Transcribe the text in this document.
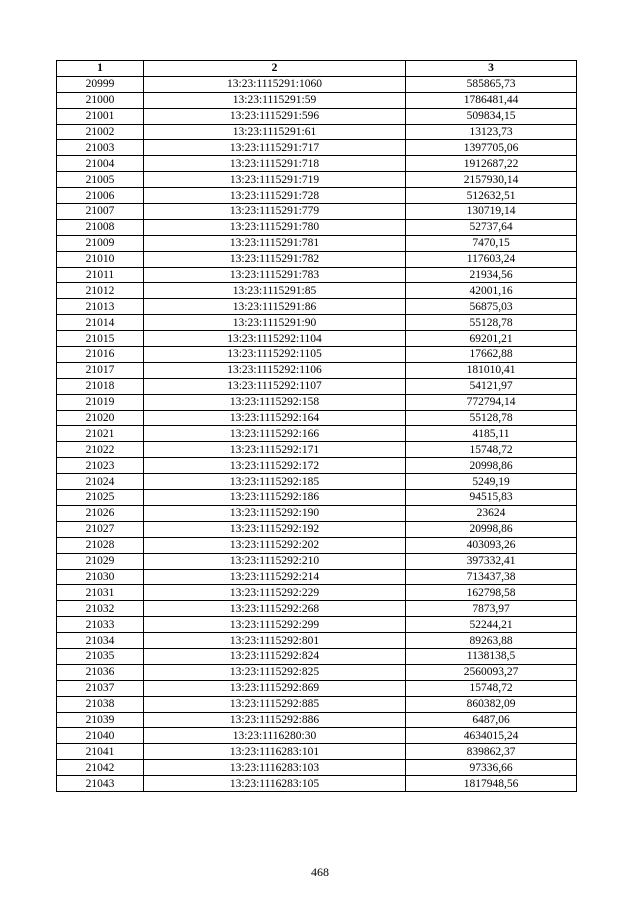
1	2	3
20999	13:23:1115291:1060	585865,73
21000	13:23:1115291:59	1786481,44
21001	13:23:1115291:596	509834,15
21002	13:23:1115291:61	13123,73
21003	13:23:1115291:717	1397705,06
21004	13:23:1115291:718	1912687,22
21005	13:23:1115291:719	2157930,14
21006	13:23:1115291:728	512632,51
21007	13:23:1115291:779	130719,14
21008	13:23:1115291:780	52737,64
21009	13:23:1115291:781	7470,15
21010	13:23:1115291:782	117603,24
21011	13:23:1115291:783	21934,56
21012	13:23:1115291:85	42001,16
21013	13:23:1115291:86	56875,03
21014	13:23:1115291:90	55128,78
21015	13:23:1115292:1104	69201,21
21016	13:23:1115292:1105	17662,88
21017	13:23:1115292:1106	181010,41
21018	13:23:1115292:1107	54121,97
21019	13:23:1115292:158	772794,14
21020	13:23:1115292:164	55128,78
21021	13:23:1115292:166	4185,11
21022	13:23:1115292:171	15748,72
21023	13:23:1115292:172	20998,86
21024	13:23:1115292:185	5249,19
21025	13:23:1115292:186	94515,83
21026	13:23:1115292:190	23624
21027	13:23:1115292:192	20998,86
21028	13:23:1115292:202	403093,26
21029	13:23:1115292:210	397332,41
21030	13:23:1115292:214	713437,38
21031	13:23:1115292:229	162798,58
21032	13:23:1115292:268	7873,97
21033	13:23:1115292:299	52244,21
21034	13:23:1115292:801	89263,88
21035	13:23:1115292:824	1138138,5
21036	13:23:1115292:825	2560093,27
21037	13:23:1115292:869	15748,72
21038	13:23:1115292:885	860382,09
21039	13:23:1115292:886	6487,06
21040	13:23:1116280:30	4634015,24
21041	13:23:1116283:101	839862,37
21042	13:23:1116283:103	97336,66
21043	13:23:1116283:105	1817948,56
468
